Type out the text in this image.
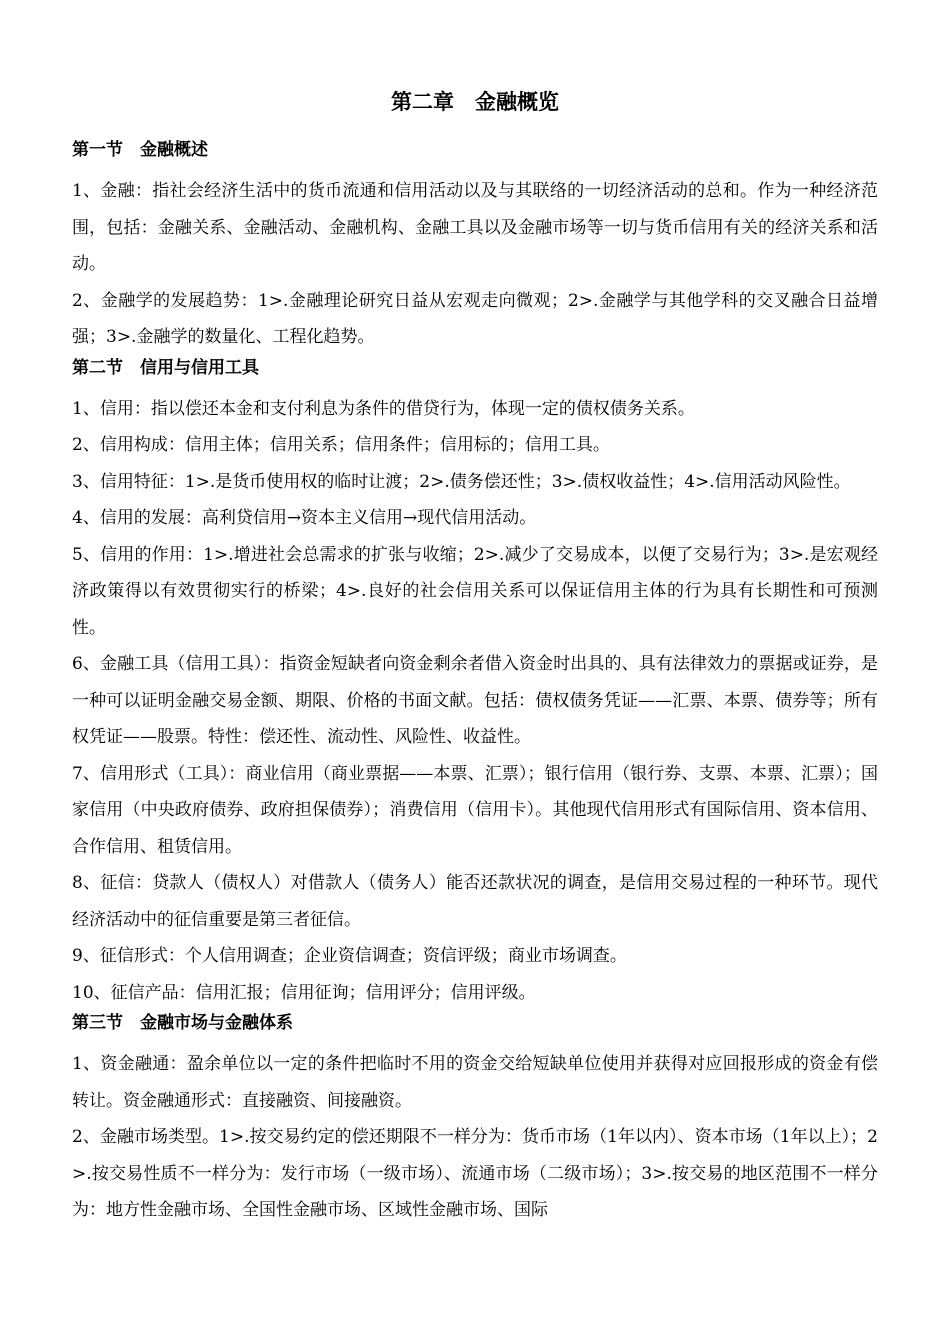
第二章　金融概览
第一节　金融概述

1、金融：指社会经济生活中的货币流通和信用活动以及与其联络的一切经济活动的总和。作为一种经济范围，包括：金融关系、金融活动、金融机构、金融工具以及金融市场等一切与货币信用有关的经济关系和活动。

2、金融学的发展趋势：1>.金融理论研究日益从宏观走向微观；2>.金融学与其他学科的交叉融合日益增强；3>.金融学的数量化、工程化趋势。

第二节　信用与信用工具

1、信用：指以偿还本金和支付利息为条件的借贷行为，体现一定的债权债务关系。

2、信用构成：信用主体；信用关系；信用条件；信用标的；信用工具。

3、信用特征：1>.是货币使用权的临时让渡；2>.债务偿还性；3>.债权收益性；4>.信用活动风险性。

4、信用的发展：高利贷信用→资本主义信用→现代信用活动。

5、信用的作用：1>.增进社会总需求的扩张与收缩；2>.减少了交易成本，以便了交易行为；3>.是宏观经济政策得以有效贯彻实行的桥梁；4>.良好的社会信用关系可以保证信用主体的行为具有长期性和可预测性。

6、金融工具（信用工具）：指资金短缺者向资金剩余者借入资金时出具的、具有法律效力的票据或证券，是一种可以证明金融交易金额、期限、价格的书面文献。包括：债权债务凭证——汇票、本票、债券等；所有权凭证——股票。特性：偿还性、流动性、风险性、收益性。

7、信用形式（工具）：商业信用（商业票据——本票、汇票）；银行信用（银行券、支票、本票、汇票）；国家信用（中央政府债券、政府担保债券）；消费信用（信用卡）。其他现代信用形式有国际信用、资本信用、合作信用、租赁信用。

8、征信：贷款人（债权人）对借款人（债务人）能否还款状况的调查，是信用交易过程的一种环节。现代经济活动中的征信重要是第三者征信。

9、征信形式：个人信用调查；企业资信调查；资信评级；商业市场调查。

10、征信产品：信用汇报；信用征询；信用评分；信用评级。

第三节　金融市场与金融体系

1、资金融通：盈余单位以一定的条件把临时不用的资金交给短缺单位使用并获得对应回报形成的资金有偿转让。资金融通形式：直接融资、间接融资。

2、金融市场类型。1>.按交易约定的偿还期限不一样分为：货币市场（1年以内）、资本市场（1年以上）；2>.按交易性质不一样分为：发行市场（一级市场）、流通市场（二级市场）；3>.按交易的地区范围不一样分为：地方性金融市场、全国性金融市场、区域性金融市场、国际
